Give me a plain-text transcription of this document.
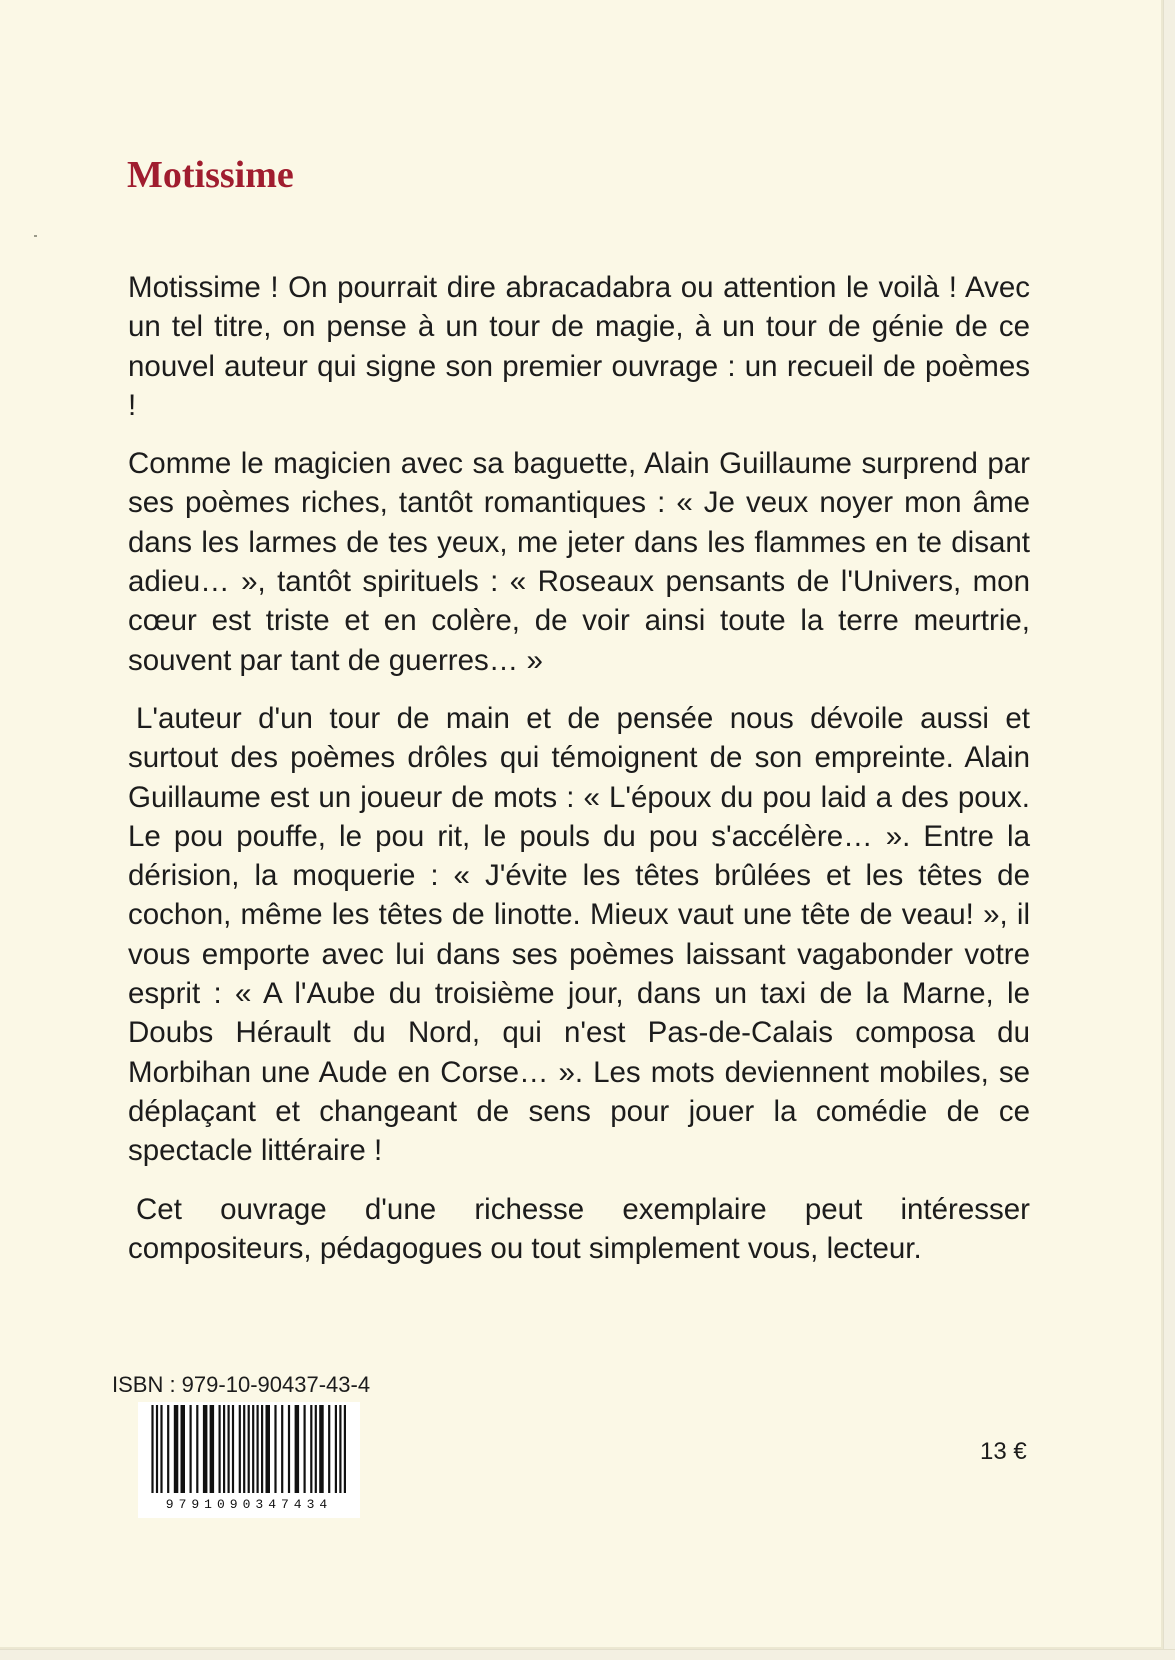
Motissime

Motissime ! On pourrait dire abracadabra ou attention le voilà ! Avec un tel titre, on pense à un tour de magie, à un tour de génie de ce nouvel auteur qui signe son premier ouvrage : un recueil de poèmes !

Comme le magicien avec sa baguette, Alain Guillaume surprend par ses poèmes riches, tantôt romantiques : « Je veux noyer mon âme dans les larmes de tes yeux, me jeter dans les flammes en te disant adieu… », tantôt spirituels : « Roseaux pensants de l'Univers, mon cœur est triste et en colère, de voir ainsi toute la terre meurtrie, souvent par tant de guerres… »

L'auteur d'un tour de main et de pensée nous dévoile aussi et surtout des poèmes drôles qui témoignent de son empreinte. Alain Guillaume est un joueur de mots : « L'époux du pou laid a des poux. Le pou pouffe, le pou rit, le pouls du pou s'accélère… ». Entre la dérision, la moquerie : « J'évite les têtes brûlées et les têtes de cochon, même les têtes de linotte. Mieux vaut une tête de veau! », il vous emporte avec lui dans ses poèmes laissant vagabonder votre esprit : « A l'Aube du troisième jour, dans un taxi de la Marne, le Doubs Hérault du Nord, qui n'est Pas-de-Calais composa du Morbihan une Aude en Corse… ». Les mots deviennent mobiles, se déplaçant et changeant de sens pour jouer la comédie de ce spectacle littéraire !

Cet ouvrage d'une richesse exemplaire peut intéresser compositeurs, pédagogues ou tout simplement vous, lecteur.

ISBN : 979-10-90437-43-4
9791090347434
13 €
